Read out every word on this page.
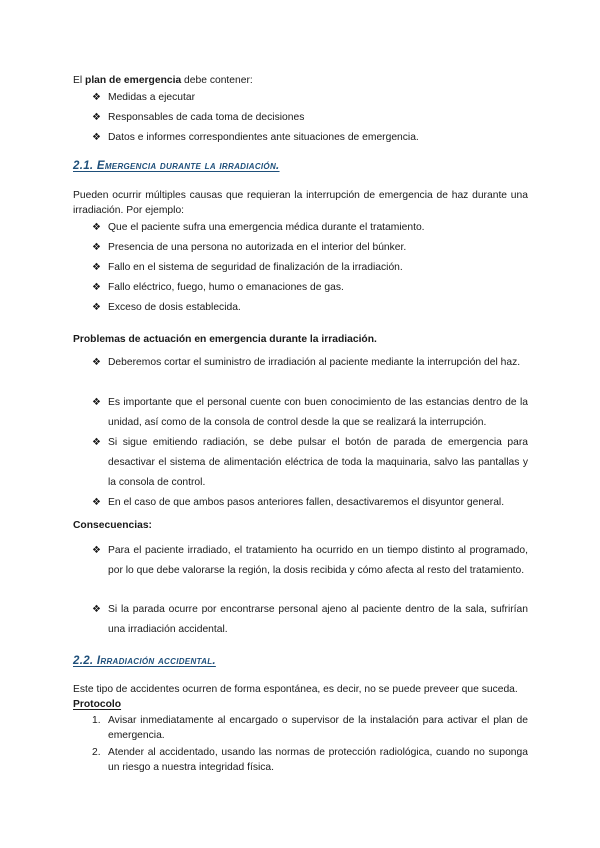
El plan de emergencia debe contener:

❖ Medidas a ejecutar
❖ Responsables de cada toma de decisiones
❖ Datos e informes correspondientes ante situaciones de emergencia.
2.1. Emergencia durante la irradiación.

Pueden ocurrir múltiples causas que requieran la interrupción de emergencia de haz durante una irradiación. Por ejemplo:

❖ Que el paciente sufra una emergencia médica durante el tratamiento.
❖ Presencia de una persona no autorizada en el interior del búnker.
❖ Fallo en el sistema de seguridad de finalización de la irradiación.
❖ Fallo eléctrico, fuego, humo o emanaciones de gas.
❖ Exceso de dosis establecida.

Problemas de actuación en emergencia durante la irradiación.

❖ Deberemos cortar el suministro de irradiación al paciente mediante la interrupción del haz.
❖ Es importante que el personal cuente con buen conocimiento de las estancias dentro de la unidad, así como de la consola de control desde la que se realizará la interrupción.
❖ Si sigue emitiendo radiación, se debe pulsar el botón de parada de emergencia para desactivar el sistema de alimentación eléctrica de toda la maquinaria, salvo las pantallas y la consola de control.
❖ En el caso de que ambos pasos anteriores fallen, desactivaremos el disyuntor general.

Consecuencias:

❖ Para el paciente irradiado, el tratamiento ha ocurrido en un tiempo distinto al programado, por lo que debe valorarse la región, la dosis recibida y cómo afecta al resto del tratamiento.
❖ Si la parada ocurre por encontrarse personal ajeno al paciente dentro de la sala, sufrirían una irradiación accidental.
2.2. Irradiación accidental.

Este tipo de accidentes ocurren de forma espontánea, es decir, no se puede preveer que suceda.

Protocolo

1. Avisar inmediatamente al encargado o supervisor de la instalación para activar el plan de emergencia.
2. Atender al accidentado, usando las normas de protección radiológica, cuando no suponga un riesgo a nuestra integridad física.
